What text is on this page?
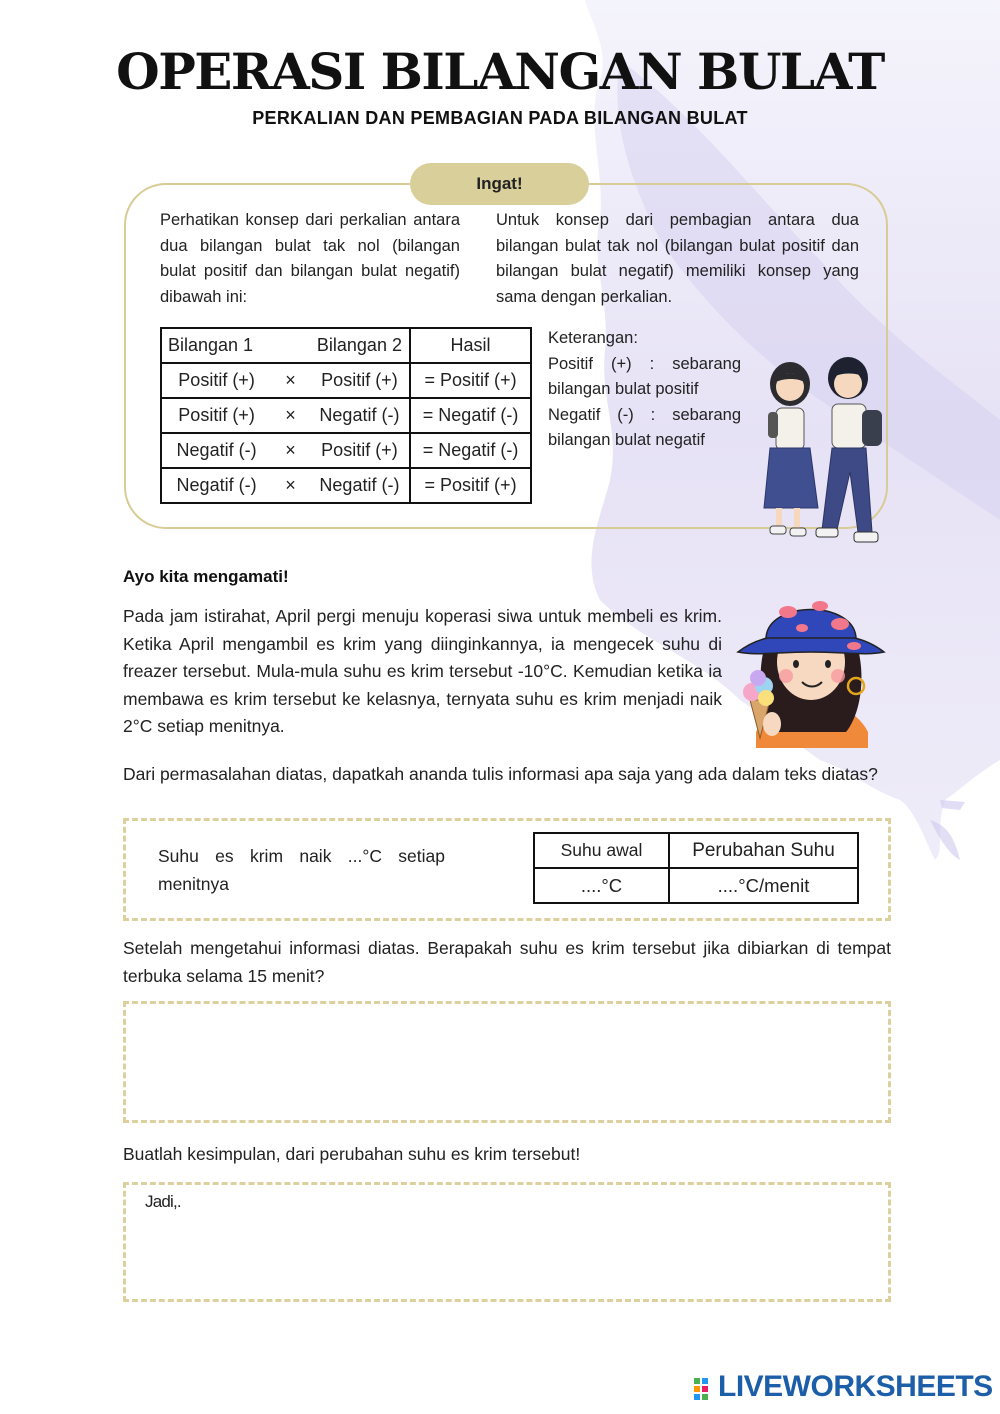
OPERASI BILANGAN BULAT
PERKALIAN DAN PEMBAGIAN PADA BILANGAN BULAT
Ingat!
Perhatikan konsep dari perkalian antara dua bilangan bulat tak nol (bilangan bulat positif dan bilangan bulat negatif) dibawah ini:
Untuk konsep dari pembagian antara dua bilangan bulat tak nol (bilangan bulat positif dan bilangan bulat negatif) memiliki konsep yang sama dengan perkalian.
Bilangan 1		Bilangan 2	Hasil
Positif (+)	×	Positif (+)	= Positif (+)
Positif (+)	×	Negatif (-)	= Negatif (-)
Negatif (-)	×	Positif (+)	= Negatif (-)
Negatif (-)	×	Negatif (-)	= Positif (+)
Keterangan:
Positif (+) : sebarang bilangan bulat positif
Negatif (-) : sebarang bilangan bulat negatif
Ayo kita mengamati!
Pada jam istirahat, April pergi menuju koperasi siwa untuk membeli es krim. Ketika April mengambil es krim yang diinginkannya, ia mengecek suhu di freazer tersebut. Mula-mula suhu es krim tersebut -10°C. Kemudian ketika ia membawa es krim tersebut ke kelasnya, ternyata suhu es krim menjadi naik 2°C setiap menitnya.
Dari permasalahan diatas, dapatkah ananda tulis informasi apa saja yang ada dalam teks diatas?
Suhu es krim naik ...°C setiap menitnya
Suhu awal	Perubahan Suhu
....°C	....°C/menit
Setelah mengetahui informasi diatas. Berapakah suhu es krim tersebut jika dibiarkan di tempat terbuka selama 15 menit?
Buatlah kesimpulan, dari perubahan suhu es krim tersebut!
Jadi,.
LIVEWORKSHEETS
